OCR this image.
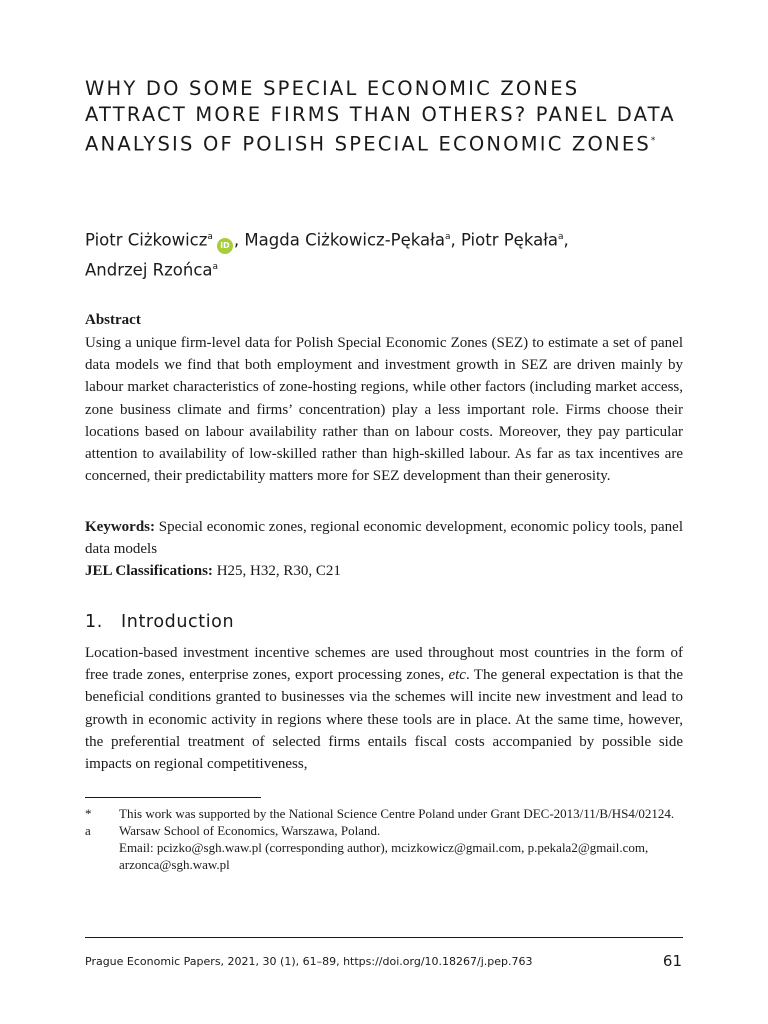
WHY DO SOME SPECIAL ECONOMIC ZONES
ATTRACT MORE FIRMS THAN OTHERS? PANEL DATA
ANALYSIS OF POLISH SPECIAL ECONOMIC ZONES*
Piotr Ciżkowicz$^a$iD , Magda Ciżkowicz-Pękała$^a$, Piotr Pękała$^a$,
Andrzej Rzońca$^a$
Abstract

Using a unique firm-level data for Polish Special Economic Zones (SEZ) to estimate a set of panel data models we find that both employment and investment growth in SEZ are driven mainly by labour market characteristics of zone-hosting regions, while other factors (including market access, zone business climate and firms’ concentration) play a less important role. Firms choose their locations based on labour availability rather than on labour costs. Moreover, they pay particular attention to availability of low-skilled rather than high-skilled labour. As far as tax incentives are concerned, their predictability matters more for SEZ development than their generosity.

Keywords: Special economic zones, regional economic development, economic policy tools, panel data models

JEL Classifications: H25, H32, R30, C21

1. Introduction

Location-based investment incentive schemes are used throughout most countries in the form of free trade zones, enterprise zones, export processing zones, etc. The general expectation is that the beneficial conditions granted to businesses via the schemes will incite new investment and lead to growth in economic activity in regions where these tools are in place. At the same time, however, the preferential treatment of selected firms entails fiscal costs accompanied by possible side impacts on regional competitiveness,

*	This work was supported by the National Science Centre Poland under Grant DEC-2013/11/B/HS4/02124.
a	Warsaw School of Economics, Warszawa, Poland.
Email: pcizko@sgh.waw.pl (corresponding author), mcizkowicz@gmail.com, p.pekala2@gmail.com, arzonca@sgh.waw.pl
Prague Economic Papers, 2021, 30 (1), 61–89, https://doi.org/10.18267/j.pep.763	61
